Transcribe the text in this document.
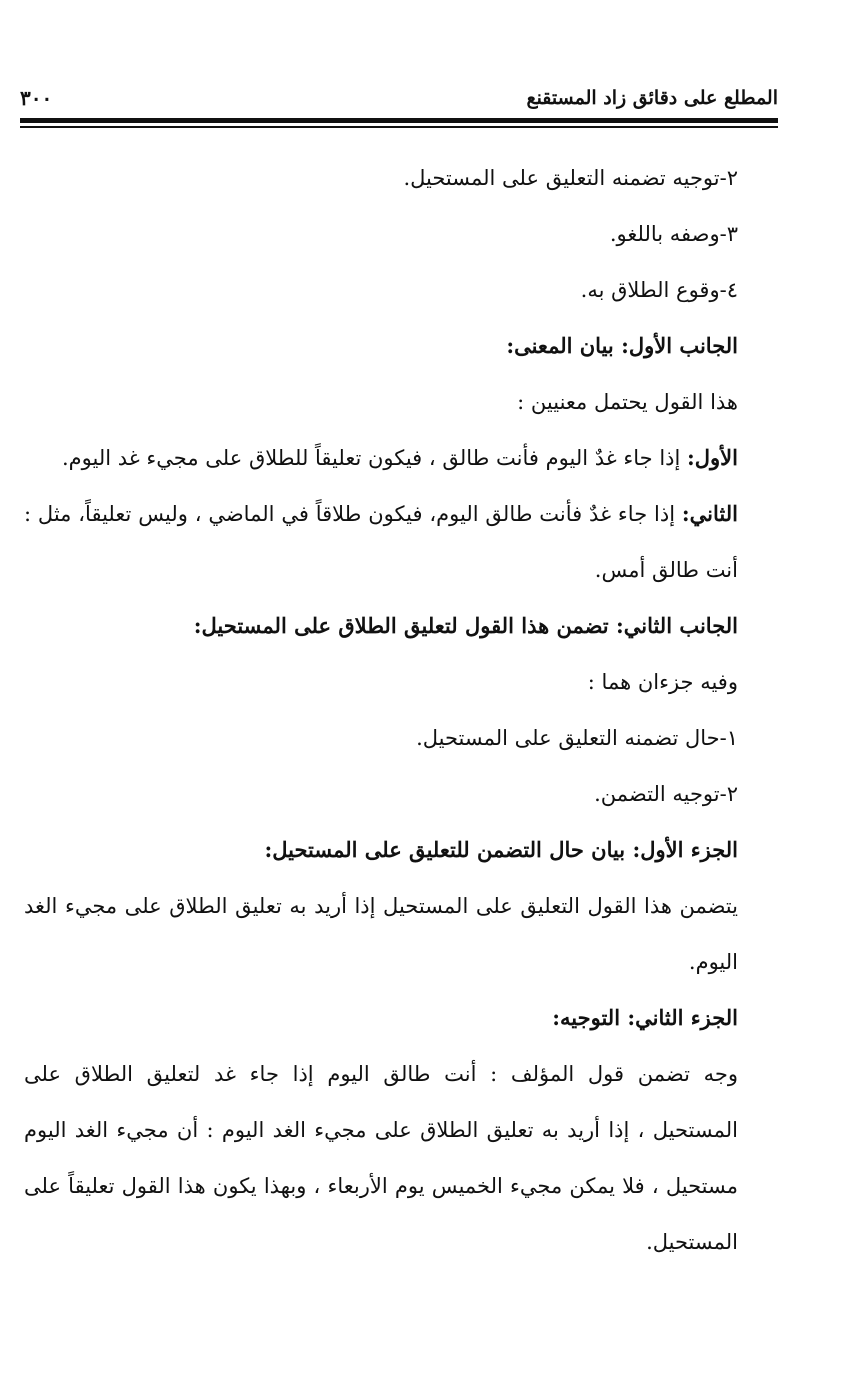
المطلع على دقائق زاد المستقنع
٣٠٠

٢-توجيه تضمنه التعليق على المستحيل.

٣-وصفه باللغو.

٤-وقوع الطلاق به.

الجانب الأول: بيان المعنى:

هذا القول يحتمل معنيين :

الأول: إذا جاء غدٌ اليوم فأنت طالق ، فيكون تعليقاً للطلاق على مجيء غد اليوم.

الثاني: إذا جاء غدٌ فأنت طالق اليوم، فيكون طلاقاً في الماضي ، وليس تعليقاً، مثل : أنت طالق أمس.

الجانب الثاني: تضمن هذا القول لتعليق الطلاق على المستحيل:

وفيه جزءان هما :

١-حال تضمنه التعليق على المستحيل.

٢-توجيه التضمن.

الجزء الأول: بيان حال التضمن للتعليق على المستحيل:

يتضمن هذا القول التعليق على المستحيل إذا أريد به تعليق الطلاق على مجيء الغد اليوم.

الجزء الثاني: التوجيه:

وجه تضمن قول المؤلف : أنت طالق اليوم إذا جاء غد لتعليق الطلاق على المستحيل ، إذا أريد به تعليق الطلاق على مجيء الغد اليوم : أن مجيء الغد اليوم مستحيل ، فلا يمكن مجيء الخميس يوم الأربعاء ، وبهذا يكون هذا القول تعليقاً على المستحيل.
